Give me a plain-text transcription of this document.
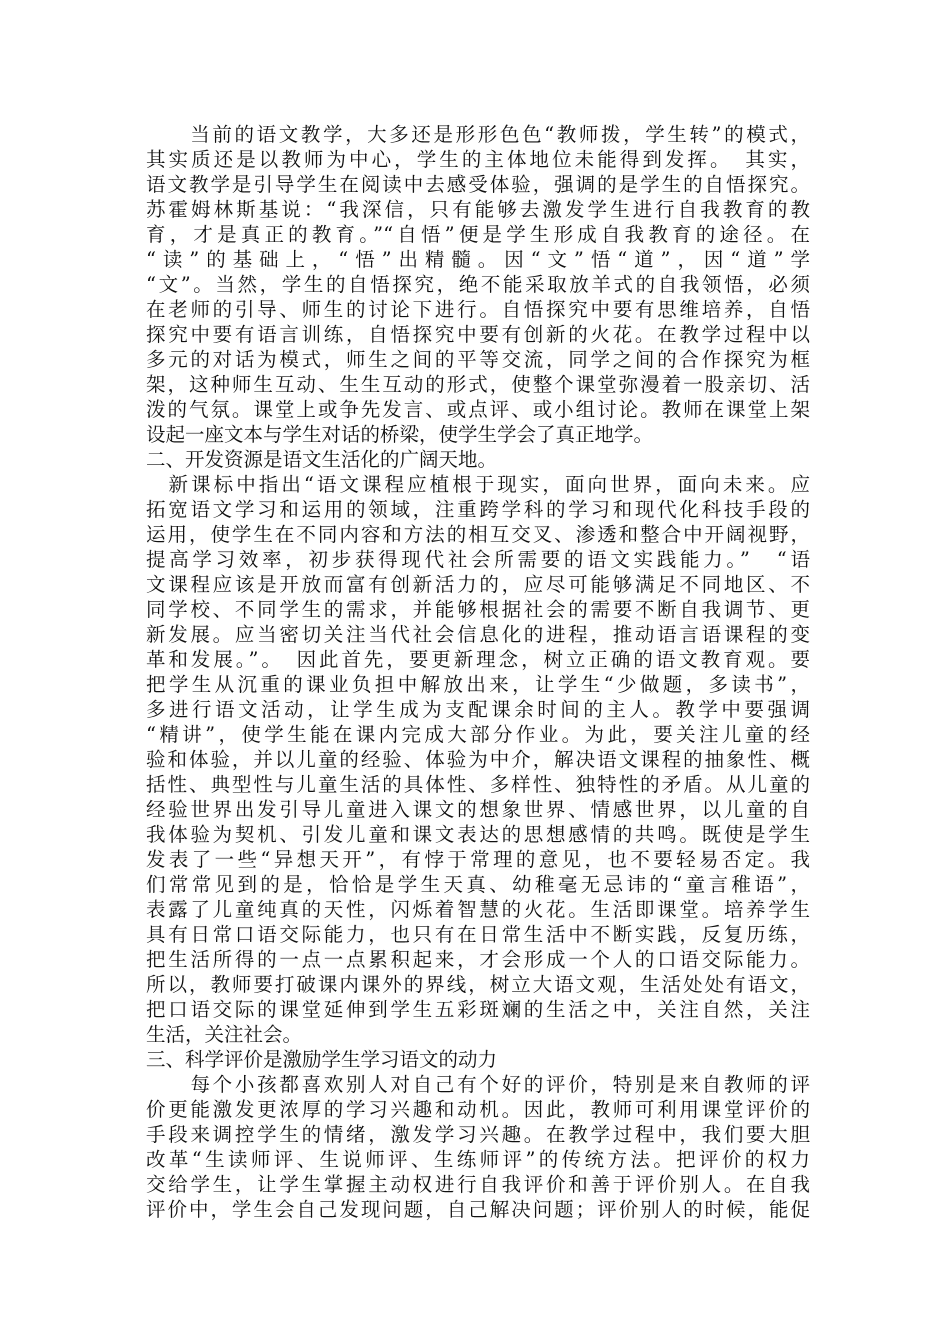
　　当前的语文教学，大多还是形形色色“教师拨，学生转”的模式，
其实质还是以教师为中心，学生的主体地位未能得到发挥。　其实，
语文教学是引导学生在阅读中去感受体验，强调的是学生的自悟探究。
苏霍姆林斯基说：“我深信，只有能够去激发学生进行自我教育的教
育，才是真正的教育。”“自悟”便是学生形成自我教育的途径。在
“读”的基础上，“悟”出精髓。因“文”悟“道”，因“道”学
“文”。当然，学生的自悟探究，绝不能采取放羊式的自我领悟，必须
在老师的引导、师生的讨论下进行。自悟探究中要有思维培养，自悟
探究中要有语言训练，自悟探究中要有创新的火花。在教学过程中以
多元的对话为模式，师生之间的平等交流，同学之间的合作探究为框
架，这种师生互动、生生互动的形式，使整个课堂弥漫着一股亲切、活
泼的气氛。课堂上或争先发言、或点评、或小组讨论。教师在课堂上架
设起一座文本与学生对话的桥梁，使学生学会了真正地学。
二、开发资源是语文生活化的广阔天地。
　新课标中指出“语文课程应植根于现实，面向世界，面向未来。应
拓宽语文学习和运用的领域，注重跨学科的学习和现代化科技手段的
运用，使学生在不同内容和方法的相互交叉、渗透和整合中开阔视野，
提高学习效率，初步获得现代社会所需要的语文实践能力。”　“语
文课程应该是开放而富有创新活力的，应尽可能够满足不同地区、不
同学校、不同学生的需求，并能够根据社会的需要不断自我调节、更
新发展。应当密切关注当代社会信息化的进程，推动语言语课程的变
革和发展。”。　因此首先，要更新理念，树立正确的语文教育观。要
把学生从沉重的课业负担中解放出来，让学生“少做题，多读书”，
多进行语文活动，让学生成为支配课余时间的主人。教学中要强调
“精讲”，使学生能在课内完成大部分作业。为此，要关注儿童的经
验和体验，并以儿童的经验、体验为中介，解决语文课程的抽象性、概
括性、典型性与儿童生活的具体性、多样性、独特性的矛盾。从儿童的
经验世界出发引导儿童进入课文的想象世界、情感世界，以儿童的自
我体验为契机、引发儿童和课文表达的思想感情的共鸣。既使是学生
发表了一些“异想天开”，有悖于常理的意见，也不要轻易否定。我
们常常见到的是，恰恰是学生天真、幼稚毫无忌讳的“童言稚语”，
表露了儿童纯真的天性，闪烁着智慧的火花。生活即课堂。培养学生
具有日常口语交际能力，也只有在日常生活中不断实践，反复历练，
把生活所得的一点一点累积起来，才会形成一个人的口语交际能力。
所以，教师要打破课内课外的界线，树立大语文观，生活处处有语文，
把口语交际的课堂延伸到学生五彩斑斓的生活之中，关注自然，关注
生活，关注社会。
三、科学评价是激励学生学习语文的动力
　　每个小孩都喜欢别人对自己有个好的评价，特别是来自教师的评
价更能激发更浓厚的学习兴趣和动机。因此，教师可利用课堂评价的
手段来调控学生的情绪，激发学习兴趣。在教学过程中，我们要大胆
改革“生读师评、生说师评、生练师评”的传统方法。把评价的权力
交给学生，让学生掌握主动权进行自我评价和善于评价别人。在自我
评价中，学生会自己发现问题，自己解决问题；评价别人的时候，能促
